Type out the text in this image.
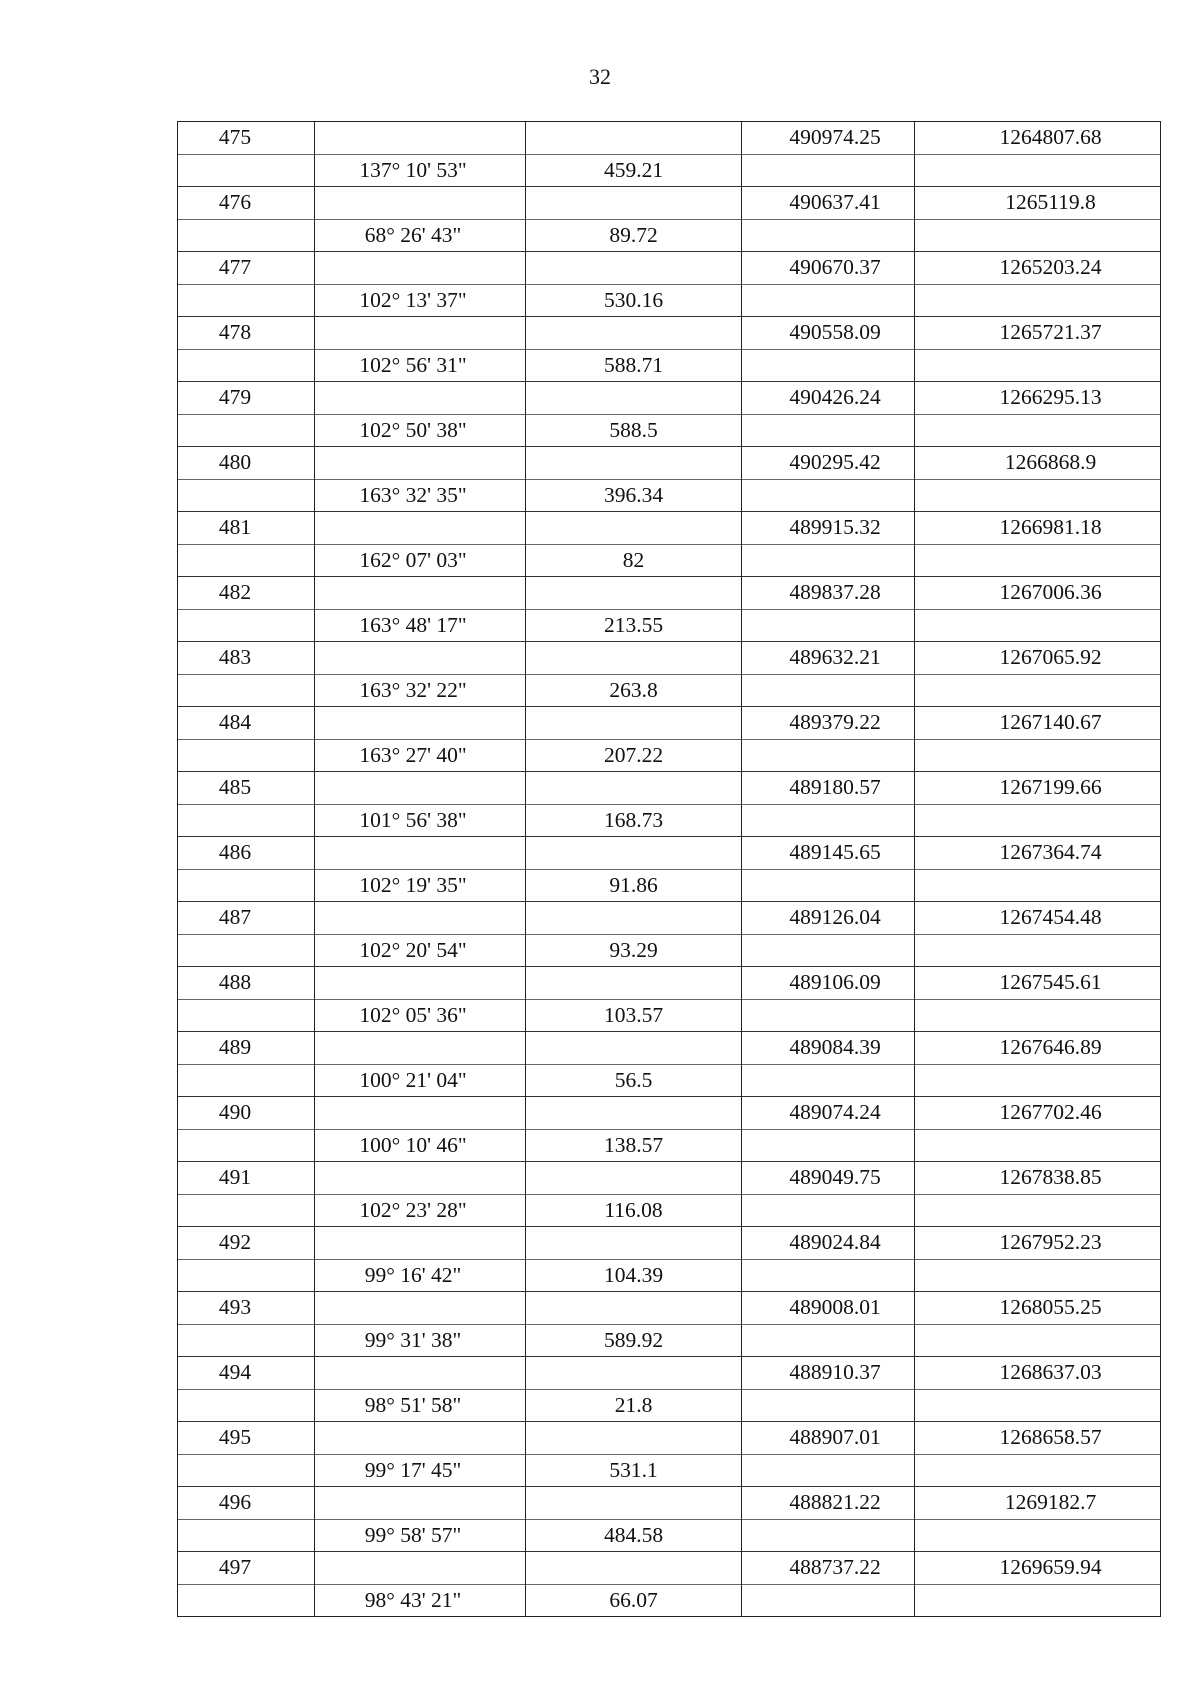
32
475			490974.25	1264807.68
	137° 10' 53"	459.21		
476			490637.41	1265119.8
	68° 26' 43"	89.72		
477			490670.37	1265203.24
	102° 13' 37"	530.16		
478			490558.09	1265721.37
	102° 56' 31"	588.71		
479			490426.24	1266295.13
	102° 50' 38"	588.5		
480			490295.42	1266868.9
	163° 32' 35"	396.34		
481			489915.32	1266981.18
	162° 07' 03"	82		
482			489837.28	1267006.36
	163° 48' 17"	213.55		
483			489632.21	1267065.92
	163° 32' 22"	263.8		
484			489379.22	1267140.67
	163° 27' 40"	207.22		
485			489180.57	1267199.66
	101° 56' 38"	168.73		
486			489145.65	1267364.74
	102° 19' 35"	91.86		
487			489126.04	1267454.48
	102° 20' 54"	93.29		
488			489106.09	1267545.61
	102° 05' 36"	103.57		
489			489084.39	1267646.89
	100° 21' 04"	56.5		
490			489074.24	1267702.46
	100° 10' 46"	138.57		
491			489049.75	1267838.85
	102° 23' 28"	116.08		
492			489024.84	1267952.23
	99° 16' 42"	104.39		
493			489008.01	1268055.25
	99° 31' 38"	589.92		
494			488910.37	1268637.03
	98° 51' 58"	21.8		
495			488907.01	1268658.57
	99° 17' 45"	531.1		
496			488821.22	1269182.7
	99° 58' 57"	484.58		
497			488737.22	1269659.94
	98° 43' 21"	66.07		
